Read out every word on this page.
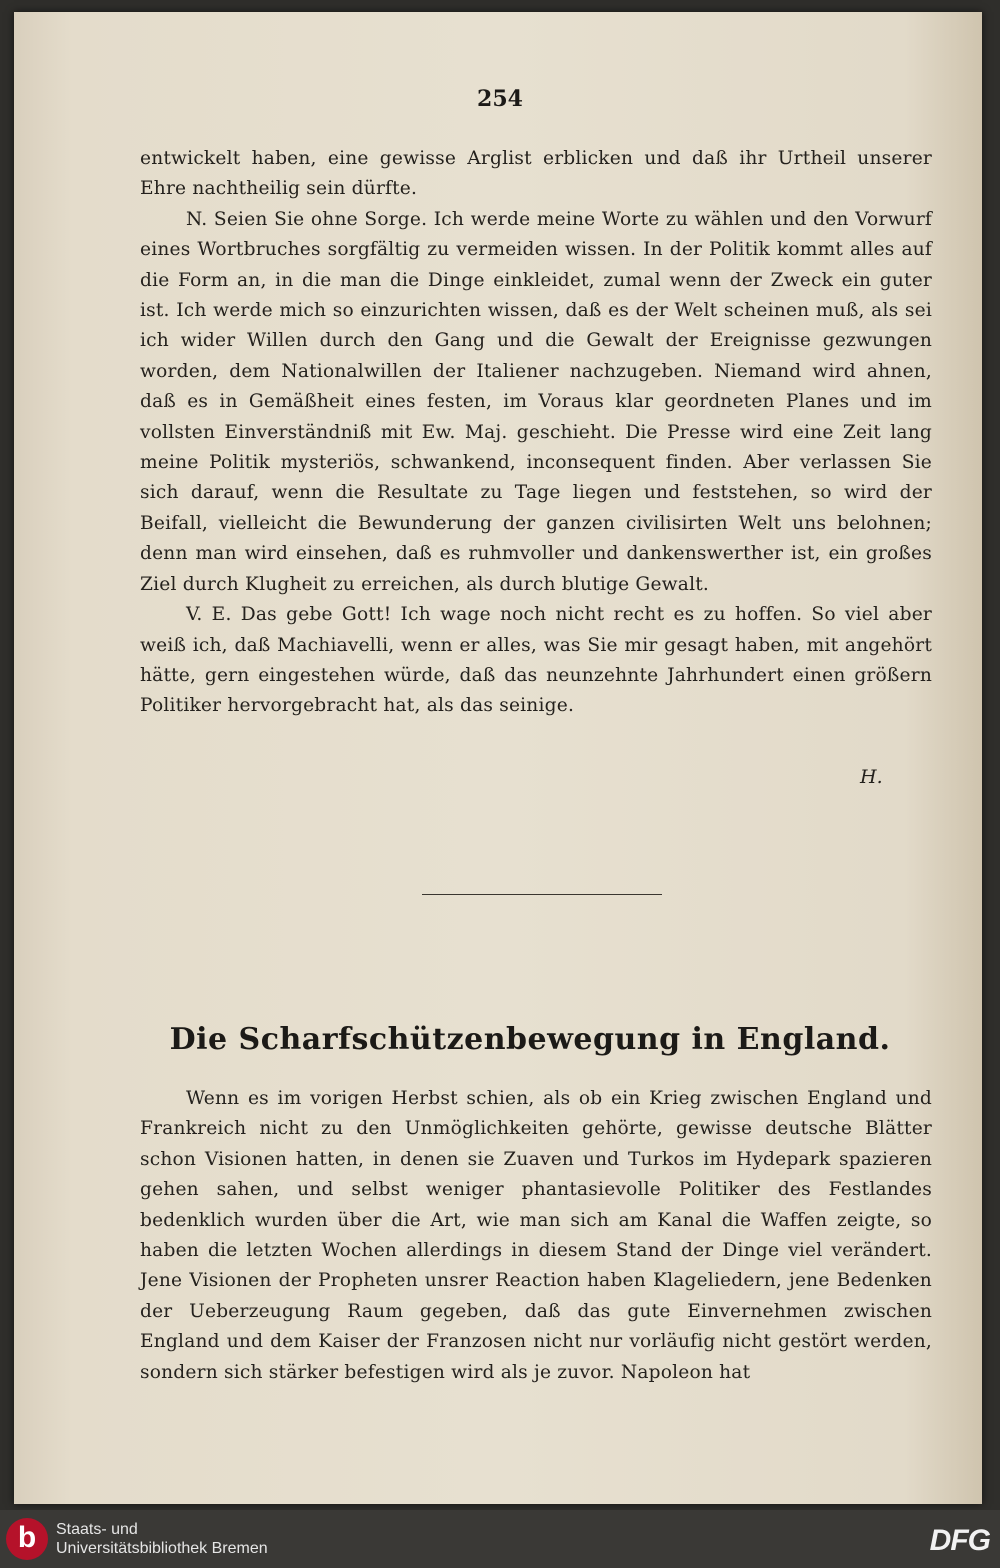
254

entwickelt haben, eine gewisse Arglist erblicken und daß ihr Urtheil unserer Ehre nachtheilig sein dürfte.

N. Seien Sie ohne Sorge. Ich werde meine Worte zu wählen und den Vorwurf eines Wortbruches sorgfältig zu vermeiden wissen. In der Politik kommt alles auf die Form an, in die man die Dinge einkleidet, zumal wenn der Zweck ein guter ist. Ich werde mich so einzurichten wissen, daß es der Welt scheinen muß, als sei ich wider Willen durch den Gang und die Gewalt der Ereignisse gezwungen worden, dem Nationalwillen der Italiener nachzugeben. Niemand wird ahnen, daß es in Gemäßheit eines festen, im Voraus klar geordneten Planes und im vollsten Einverständniß mit Ew. Maj. geschieht. Die Presse wird eine Zeit lang meine Politik mysteriös, schwankend, inconsequent finden. Aber verlassen Sie sich darauf, wenn die Resultate zu Tage liegen und feststehen, so wird der Beifall, vielleicht die Bewunderung der ganzen civilisirten Welt uns belohnen; denn man wird einsehen, daß es ruhmvoller und dankenswerther ist, ein großes Ziel durch Klugheit zu erreichen, als durch blutige Gewalt.

V. E. Das gebe Gott! Ich wage noch nicht recht es zu hoffen. So viel aber weiß ich, daß Machiavelli, wenn er alles, was Sie mir gesagt haben, mit angehört hätte, gern eingestehen würde, daß das neunzehnte Jahrhundert einen größern Politiker hervorgebracht hat, als das seinige.

H.
Die Scharfschützenbewegung in England.

Wenn es im vorigen Herbst schien, als ob ein Krieg zwischen England und Frankreich nicht zu den Unmöglichkeiten gehörte, gewisse deutsche Blätter schon Visionen hatten, in denen sie Zuaven und Turkos im Hydepark spazieren gehen sahen, und selbst weniger phantasievolle Politiker des Festlandes bedenklich wurden über die Art, wie man sich am Kanal die Waffen zeigte, so haben die letzten Wochen allerdings in diesem Stand der Dinge viel verändert. Jene Visionen der Propheten unsrer Reaction haben Klageliedern, jene Bedenken der Ueberzeugung Raum gegeben, daß das gute Einvernehmen zwischen England und dem Kaiser der Franzosen nicht nur vorläufig nicht gestört werden, sondern sich stärker befestigen wird als je zuvor. Napoleon hat

b Staats- und
Universitätsbibliothek Bremen	DFG
